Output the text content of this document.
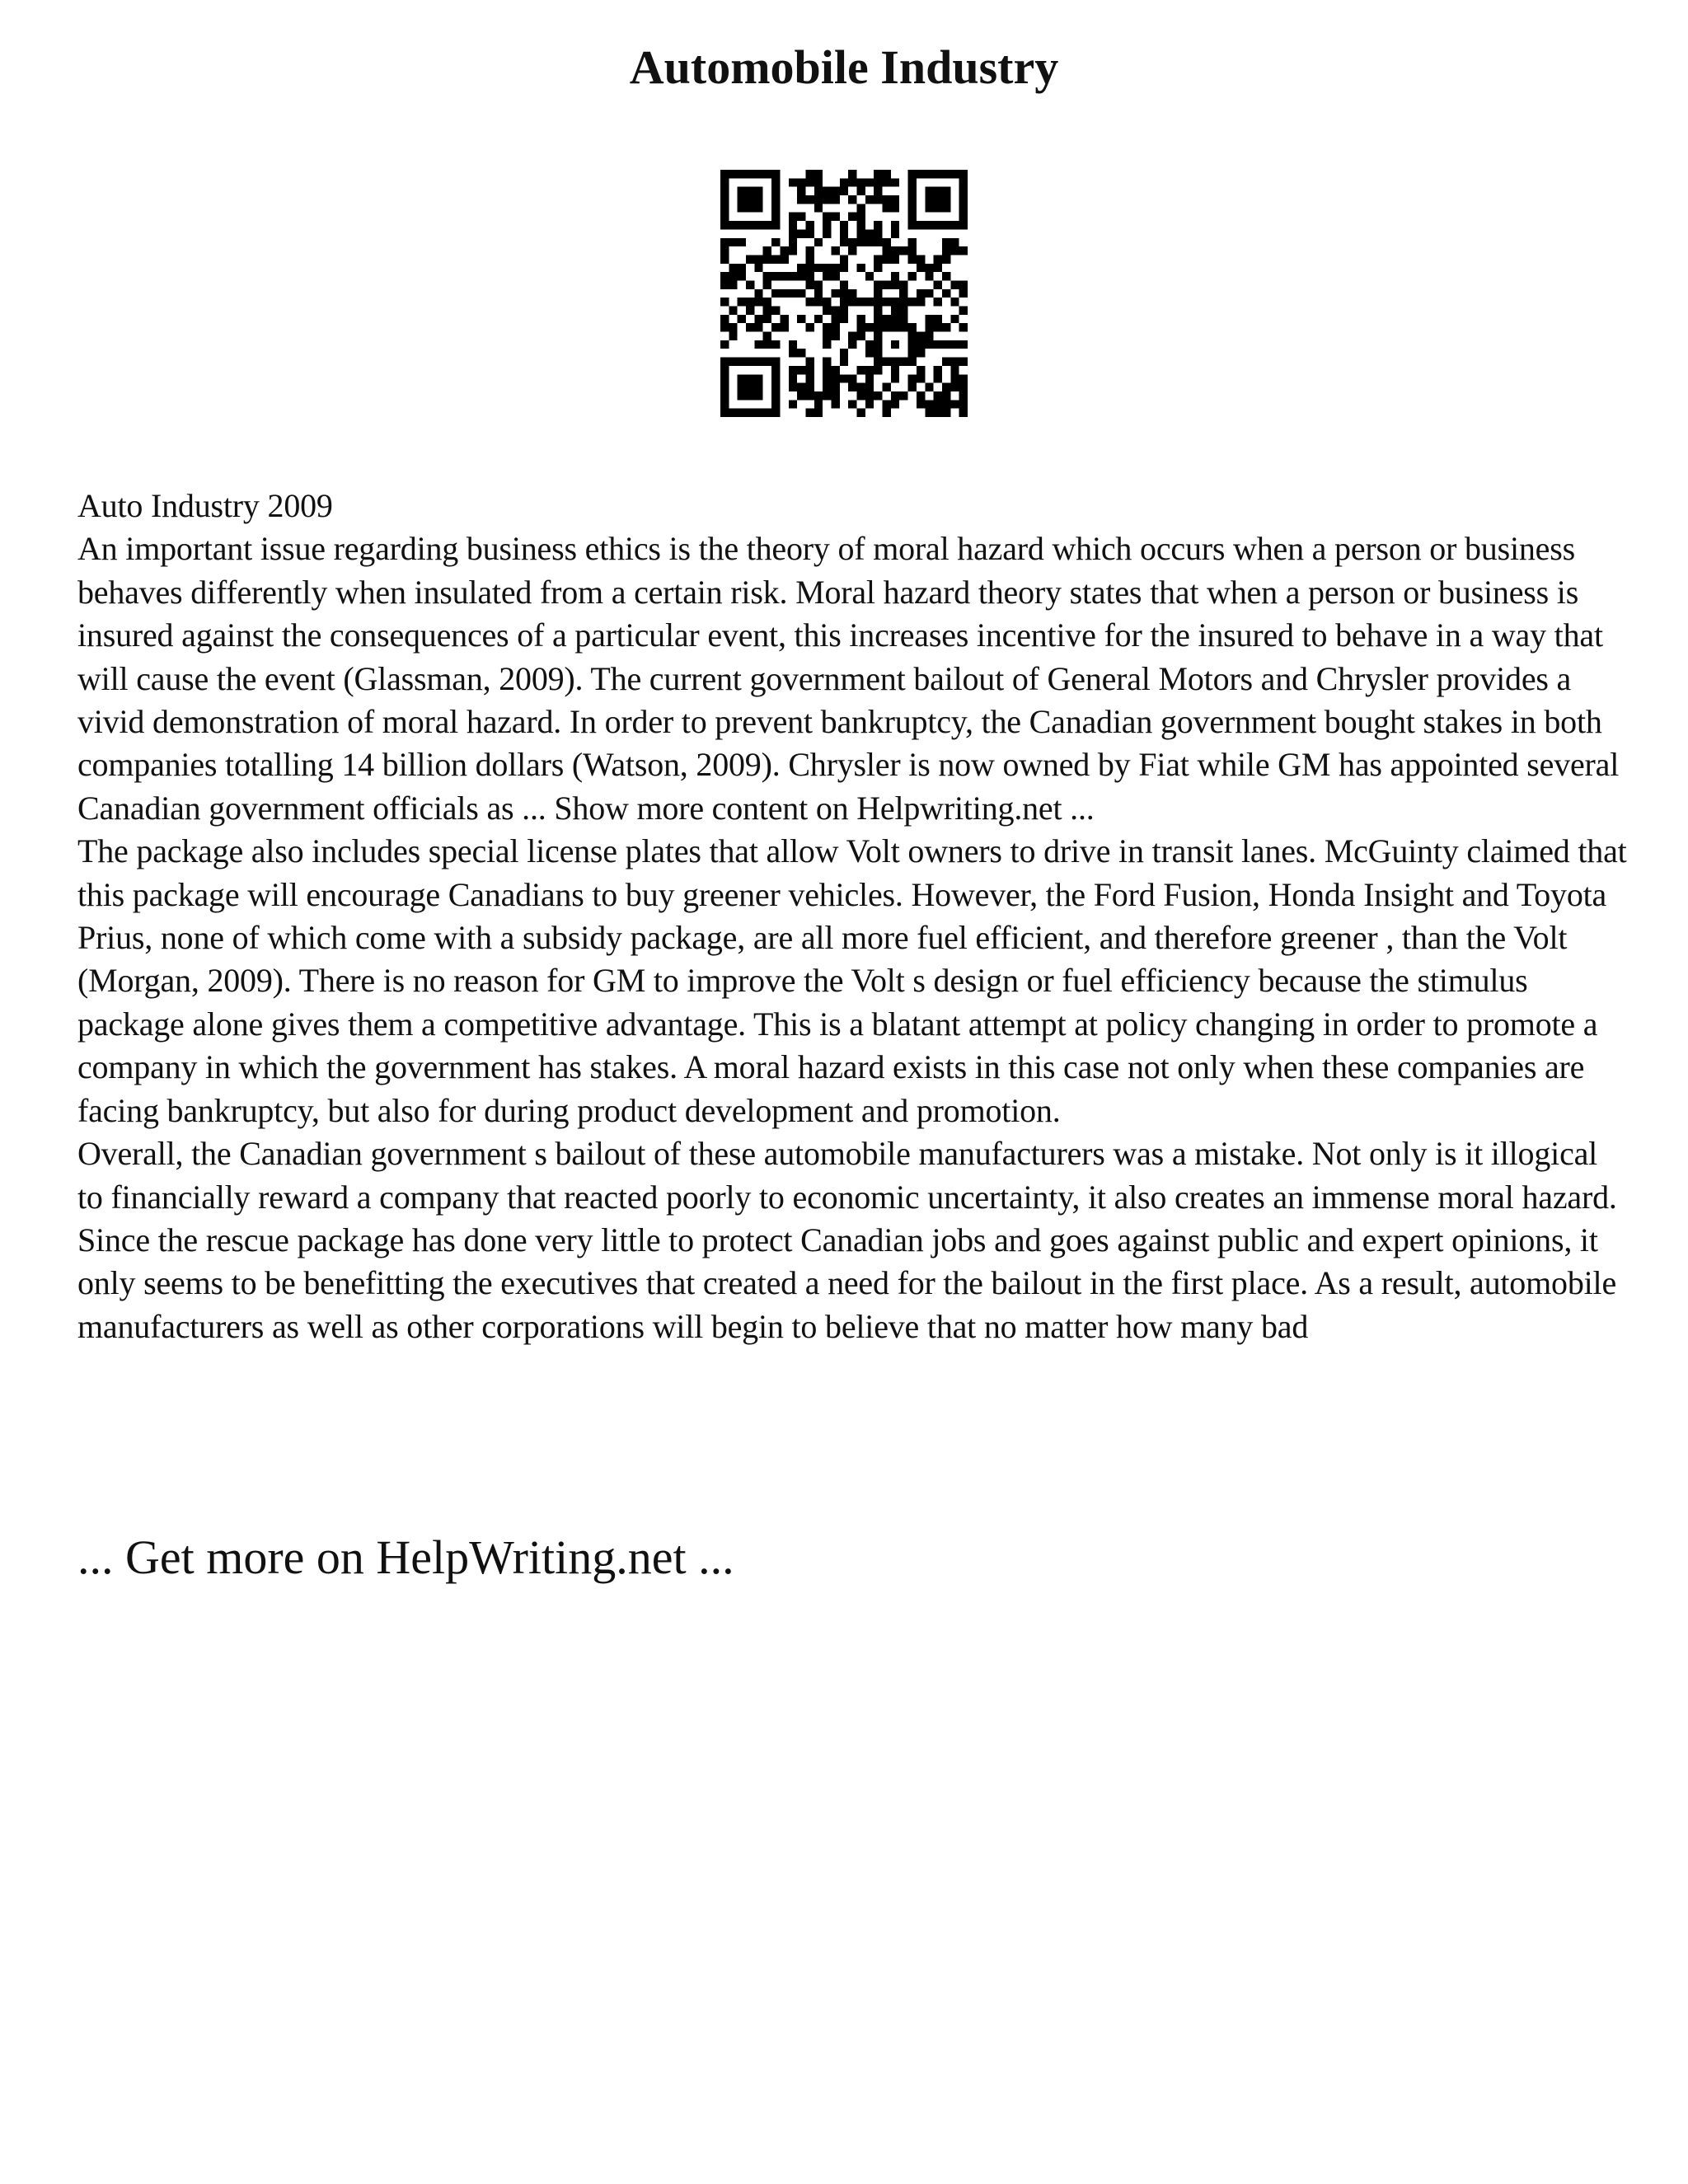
Automobile Industry

Auto Industry 2009

An important issue regarding business ethics is the theory of moral hazard which occurs when a person or business behaves differently when insulated from a certain risk. Moral hazard theory states that when a person or business is insured against the consequences of a particular event, this increases incentive for the insured to behave in a way that will cause the event (Glassman, 2009). The current government bailout of General Motors and Chrysler provides a vivid demonstration of moral hazard. In order to prevent bankruptcy, the Canadian government bought stakes in both companies totalling 14 billion dollars (Watson, 2009). Chrysler is now owned by Fiat while GM has appointed several Canadian government officials as ... Show more content on Helpwriting.net ...

The package also includes special license plates that allow Volt owners to drive in transit lanes. McGuinty claimed that this package will encourage Canadians to buy greener vehicles. However, the Ford Fusion, Honda Insight and Toyota Prius, none of which come with a subsidy package, are all more fuel efficient, and therefore greener , than the Volt (Morgan, 2009). There is no reason for GM to improve the Volt s design or fuel efficiency because the stimulus package alone gives them a competitive advantage. This is a blatant attempt at policy changing in order to promote a company in which the government has stakes. A moral hazard exists in this case not only when these companies are facing bankruptcy, but also for during product development and promotion.

Overall, the Canadian government s bailout of these automobile manufacturers was a mistake. Not only is it illogical to financially reward a company that reacted poorly to economic uncertainty, it also creates an immense moral hazard. Since the rescue package has done very little to protect Canadian jobs and goes against public and expert opinions, it only seems to be benefitting the executives that created a need for the bailout in the first place. As a result, automobile manufacturers as well as other corporations will begin to believe that no matter how many bad

... Get more on HelpWriting.net ...
